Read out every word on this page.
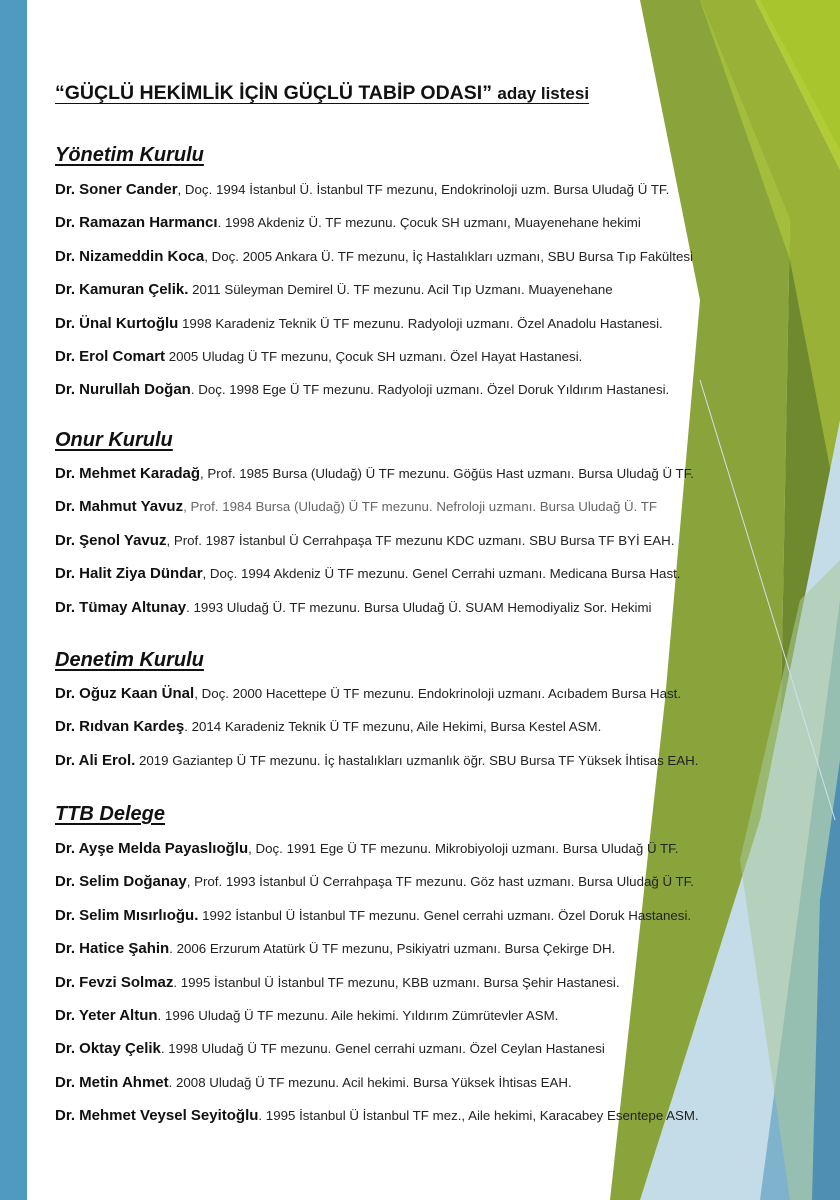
“GÜÇLÜ HEKİMLİK İÇİN GÜÇLÜ TABİP ODASI” aday listesi
Yönetim Kurulu
Dr. Soner Cander, Doç. 1994 İstanbul Ü. İstanbul TF mezunu, Endokrinoloji uzm. Bursa Uludağ Ü TF.
Dr. Ramazan Harmancı. 1998 Akdeniz Ü. TF mezunu. Çocuk SH uzmanı, Muayenehane hekimi
Dr. Nizameddin Koca, Doç. 2005 Ankara Ü. TF mezunu, İç Hastalıkları uzmanı, SBU Bursa Tıp Fakültesi
Dr. Kamuran Çelik. 2011 Süleyman Demirel Ü. TF mezunu. Acil Tıp Uzmanı. Muayenehane
Dr. Ünal Kurtoğlu 1998 Karadeniz Teknik Ü TF mezunu. Radyoloji uzmanı. Özel Anadolu Hastanesi.
Dr. Erol Comart 2005 Uludag Ü TF mezunu, Çocuk SH uzmanı. Özel Hayat Hastanesi.
Dr. Nurullah Doğan. Doç. 1998 Ege Ü TF mezunu. Radyoloji uzmanı. Özel Doruk Yıldırım Hastanesi.
Onur Kurulu
Dr. Mehmet Karadağ, Prof. 1985 Bursa (Uludağ) Ü TF mezunu. Göğüs Hast uzmanı. Bursa Uludağ Ü TF.
Dr. Mahmut Yavuz, Prof. 1984 Bursa (Uludağ) Ü TF mezunu. Nefroloji uzmanı. Bursa Uludağ Ü. TF
Dr. Şenol Yavuz, Prof. 1987 İstanbul Ü Cerrahpaşa TF mezunu KDC uzmanı. SBU Bursa TF BYİ EAH.
Dr. Halit Ziya Dündar, Doç. 1994 Akdeniz Ü TF mezunu. Genel Cerrahi uzmanı. Medicana Bursa Hast.
Dr. Tümay Altunay. 1993 Uludağ Ü. TF mezunu. Bursa Uludağ Ü. SUAM Hemodiyaliz Sor. Hekimi
Denetim Kurulu
Dr. Oğuz Kaan Ünal, Doç. 2000 Hacettepe Ü TF mezunu. Endokrinoloji uzmanı. Acıbadem Bursa Hast.
Dr. Rıdvan Kardeş. 2014 Karadeniz Teknik Ü TF mezunu, Aile Hekimi, Bursa Kestel ASM.
Dr. Ali Erol. 2019 Gaziantep Ü TF mezunu. İç hastalıkları uzmanlık öğr. SBU Bursa TF Yüksek İhtisas EAH.
TTB Delege
Dr. Ayşe Melda Payaslıoğlu, Doç. 1991 Ege Ü TF mezunu. Mikrobiyoloji uzmanı. Bursa Uludağ Ü TF.
Dr. Selim Doğanay, Prof. 1993 İstanbul Ü Cerrahpaşa TF mezunu. Göz hast uzmanı. Bursa Uludağ Ü TF.
Dr. Selim Mısırlıoğu. 1992 İstanbul Ü İstanbul TF mezunu. Genel cerrahi uzmanı. Özel Doruk Hastanesi.
Dr. Hatice Şahin. 2006 Erzurum Atatürk Ü TF mezunu, Psikiyatri uzmanı. Bursa Çekirge DH.
Dr. Fevzi Solmaz. 1995 İstanbul Ü İstanbul TF mezunu, KBB uzmanı. Bursa Şehir Hastanesi.
Dr. Yeter Altun. 1996 Uludağ Ü TF mezunu. Aile hekimi. Yıldırım Zümrütevler ASM.
Dr. Oktay Çelik. 1998 Uludağ Ü TF mezunu. Genel cerrahi uzmanı. Özel Ceylan Hastanesi
Dr. Metin Ahmet. 2008 Uludağ Ü TF mezunu. Acil hekimi. Bursa Yüksek İhtisas EAH.
Dr. Mehmet Veysel Seyitoğlu. 1995 İstanbul Ü İstanbul TF mez., Aile hekimi, Karacabey Esentepe ASM.
